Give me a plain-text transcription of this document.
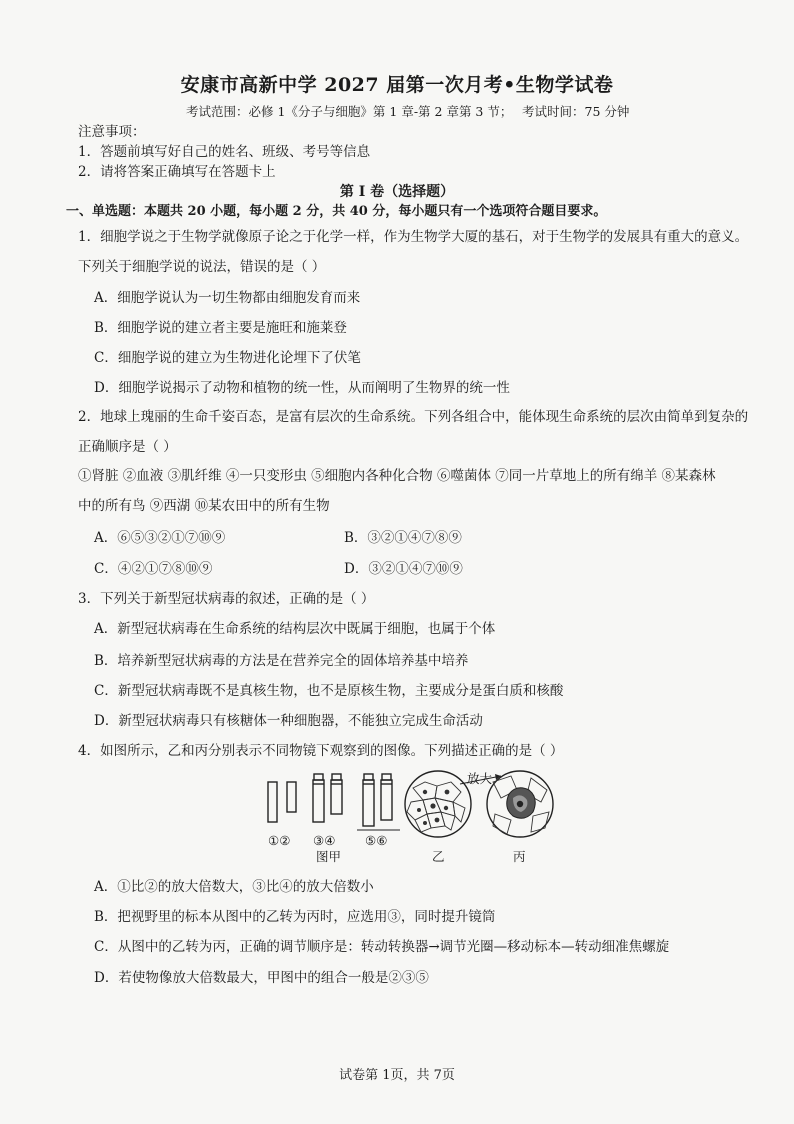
安康市高新中学 2027 届第一次月考•生物学试卷
考试范围：必修 1《分子与细胞》第 1 章-第 2 章第 3 节； 考试时间：75 分钟
注意事项：
1．答题前填写好自己的姓名、班级、考号等信息
2．请将答案正确填写在答题卡上
第 I 卷（选择题）
一、单选题：本题共 20 小题，每小题 2 分，共 40 分，每小题只有一个选项符合题目要求。
1．细胞学说之于生物学就像原子论之于化学一样，作为生物学大厦的基石，对于生物学的发展具有重大的意义。
下列关于细胞学说的说法，错误的是（ ）
A．细胞学说认为一切生物都由细胞发育而来
B．细胞学说的建立者主要是施旺和施莱登
C．细胞学说的建立为生物进化论埋下了伏笔
D．细胞学说揭示了动物和植物的统一性，从而阐明了生物界的统一性
2．地球上瑰丽的生命千姿百态，是富有层次的生命系统。下列各组合中，能体现生命系统的层次由简单到复杂的
正确顺序是（ ）
①肾脏 ②血液 ③肌纤维 ④一只变形虫 ⑤细胞内各种化合物 ⑥噬菌体 ⑦同一片草地上的所有绵羊 ⑧某森林
中的所有鸟 ⑨西湖 ⑩某农田中的所有生物
A．⑥⑤③②①⑦⑩⑨	B．③②①④⑦⑧⑨
C．④②①⑦⑧⑩⑨	D．③②①④⑦⑩⑨
3．下列关于新型冠状病毒的叙述，正确的是（ ）
A．新型冠状病毒在生命系统的结构层次中既属于细胞，也属于个体
B．培养新型冠状病毒的方法是在营养完全的固体培养基中培养
C．新型冠状病毒既不是真核生物，也不是原核生物，主要成分是蛋白质和核酸
D．新型冠状病毒只有核糖体一种细胞器，不能独立完成生命活动
4．如图所示，乙和丙分别表示不同物镜下观察到的图像。下列描述正确的是（ ）
放大
①② ③④ ⑤⑥
图甲	乙	丙
A．①比②的放大倍数大，③比④的放大倍数小
B．把视野里的标本从图中的乙转为丙时，应选用③，同时提升镜筒
C．从图中的乙转为丙，正确的调节顺序是：转动转换器→调节光圈—移动标本—转动细准焦螺旋
D．若使物像放大倍数最大，甲图中的组合一般是②③⑤
试卷第 1页，共 7页
